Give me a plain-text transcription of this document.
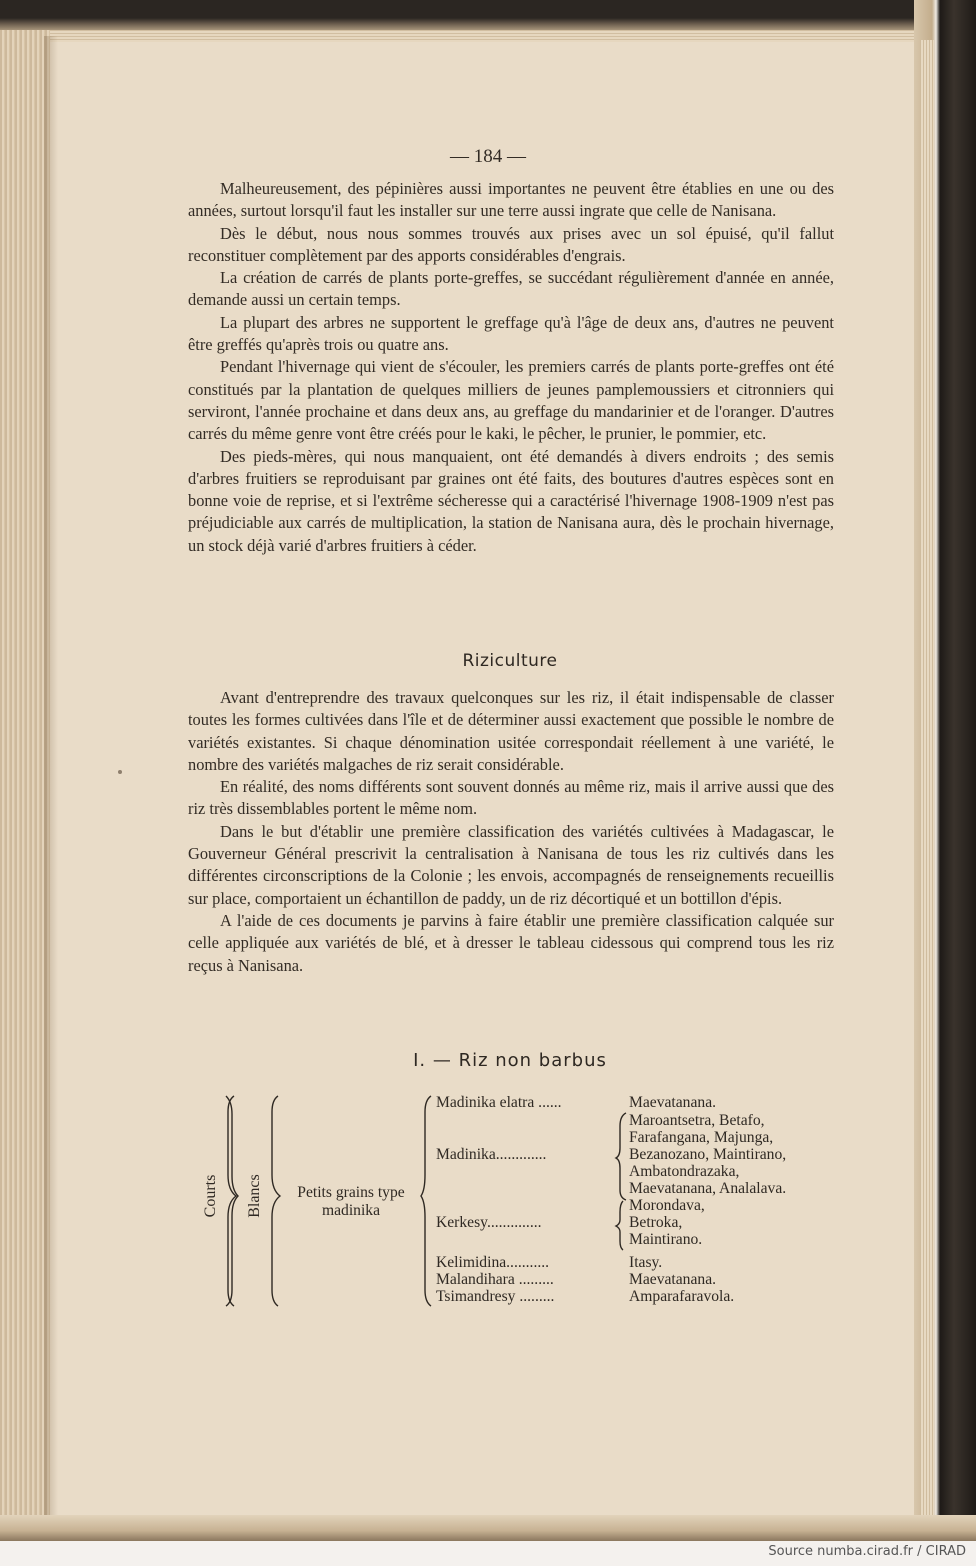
— 184 —

Malheureusement, des pépinières aussi importantes ne peuvent être établies en une ou des années, surtout lorsqu'il faut les installer sur une terre aussi ingrate que celle de Nanisana.

Dès le début, nous nous sommes trouvés aux prises avec un sol épuisé, qu'il fallut reconstituer complètement par des apports considérables d'engrais.

La création de carrés de plants porte-greffes, se succédant régulièrement d'année en année, demande aussi un certain temps.

La plupart des arbres ne supportent le greffage qu'à l'âge de deux ans, d'autres ne peuvent être greffés qu'après trois ou quatre ans.

Pendant l'hivernage qui vient de s'écouler, les premiers carrés de plants porte-greffes ont été constitués par la plantation de quelques milliers de jeunes pamplemoussiers et citronniers qui serviront, l'année prochaine et dans deux ans, au greffage du mandarinier et de l'oranger. D'autres carrés du même genre vont être créés pour le kaki, le pêcher, le prunier, le pommier, etc.

Des pieds-mères, qui nous manquaient, ont été demandés à divers endroits ; des semis d'arbres fruitiers se reproduisant par graines ont été faits, des boutures d'autres espèces sont en bonne voie de reprise, et si l'extrême sécheresse qui a caractérisé l'hivernage 1908-1909 n'est pas préjudiciable aux carrés de multiplication, la station de Nanisana aura, dès le prochain hivernage, un stock déjà varié d'arbres fruitiers à céder.

Riziculture

Avant d'entreprendre des travaux quelconques sur les riz, il était indispensable de classer toutes les formes cultivées dans l'île et de déterminer aussi exactement que possible le nombre de variétés existantes. Si chaque dénomination usitée correspondait réellement à une variété, le nombre des variétés malgaches de riz serait considérable.

En réalité, des noms différents sont souvent donnés au même riz, mais il arrive aussi que des riz très dissemblables portent le même nom.

Dans le but d'établir une première classification des variétés cultivées à Madagascar, le Gouverneur Général prescrivit la centralisation à Nanisana de tous les riz cultivés dans les différentes circonscriptions de la Colonie ; les envois, accompagnés de renseignements recueillis sur place, comportaient un échantillon de paddy, un de riz décortiqué et un bottillon d'épis.

A l'aide de ces documents je parvins à faire établir une première classification calquée sur celle appliquée aux variétés de blé, et à dresser le tableau cidessous qui comprend tous les riz reçus à Nanisana.

I. — Riz non barbus
Courts Blancs	Petits grains type
madinika
Madinika elatra ......
Madinika.............
Kerkesy..............
Kelimidina...........
Malandihara .........
Tsimandresy .........
Maevatanana.
Maroantsetra, Betafo,
Farafangana, Majunga,
Bezanozano, Maintirano,
Ambatondrazaka,
Maevatanana, Analalava.
Morondava,
Betroka,
Maintirano.
Itasy.
Maevatanana.
Amparafaravola.
Source numba.cirad.fr / CIRAD
